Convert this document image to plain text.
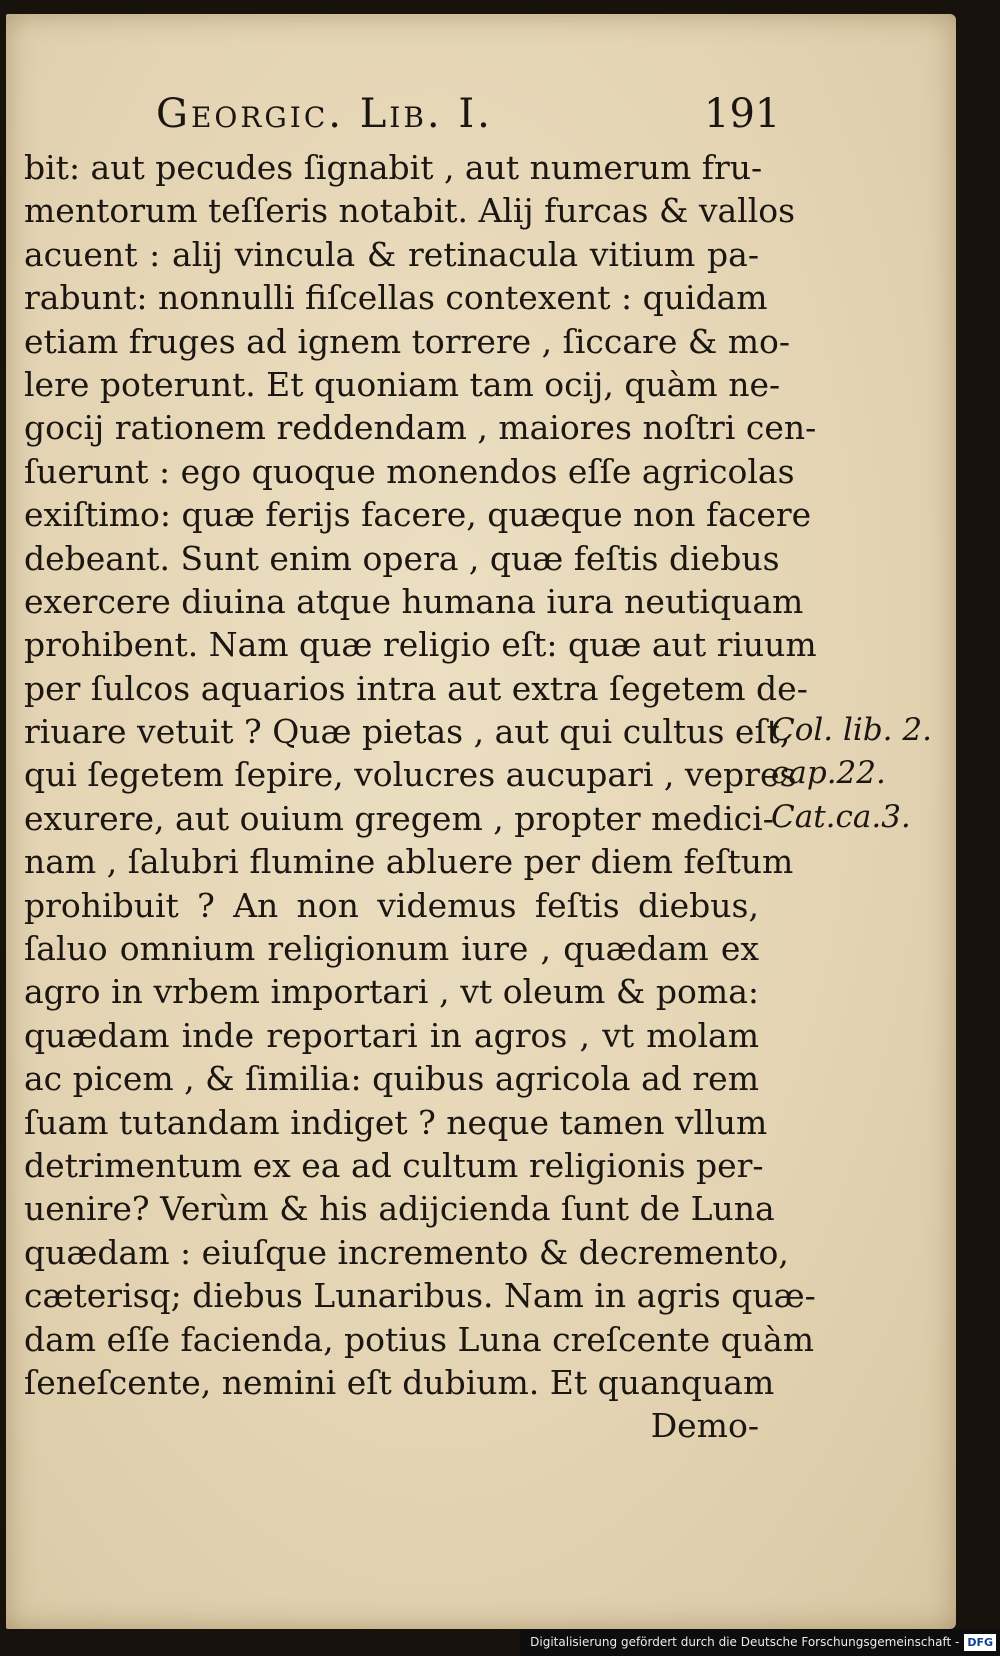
Georgic. Lib. I.	191
bit: aut pecudes ſignabit , aut numerum fru-
mentorum teſſeris notabit. Alij furcas & vallos
acuent : alij vincula & retinacula vitium pa-
rabunt: nonnulli fiſcellas contexent : quidam
etiam fruges ad ignem torrere , ſiccare & mo-
lere poterunt. Et quoniam tam ocij, quàm ne-
gocij rationem reddendam , maiores noſtri cen-
ſuerunt : ego quoque monendos eſſe agricolas
exiſtimo: quæ ferijs facere, quæque non facere
debeant. Sunt enim opera , quæ feſtis diebus
exercere diuina atque humana iura neutiquam
prohibent. Nam quæ religio eſt: quæ aut riuum
per ſulcos aquarios intra aut extra ſegetem de-
riuare vetuit ? Quæ pietas , aut qui cultus eſt,
qui ſegetem ſepire, volucres aucupari , vepres
exurere, aut ouium gregem , propter medici-
nam , ſalubri flumine abluere per diem feſtum
prohibuit ? An non videmus feſtis diebus,
ſaluo omnium religionum iure , quædam ex
agro in vrbem importari , vt oleum & poma:
quædam inde reportari in agros , vt molam
ac picem , & ſimilia: quibus agricola ad rem
ſuam tutandam indiget ? neque tamen vllum
detrimentum ex ea ad cultum religionis per-
uenire? Verùm & his adijcienda ſunt de Luna
quædam : eiuſque incremento & decremento,
cæterisq; diebus Lunaribus. Nam in agris quæ-
dam eſſe facienda, potius Luna creſcente quàm
ſeneſcente, nemini eſt dubium. Et quanquam
Demo-
Col. lib. 2.
cap.22.
Cat.ca.3.
Digitalisierung gefördert durch die Deutsche Forschungsgemeinschaft - DFG
